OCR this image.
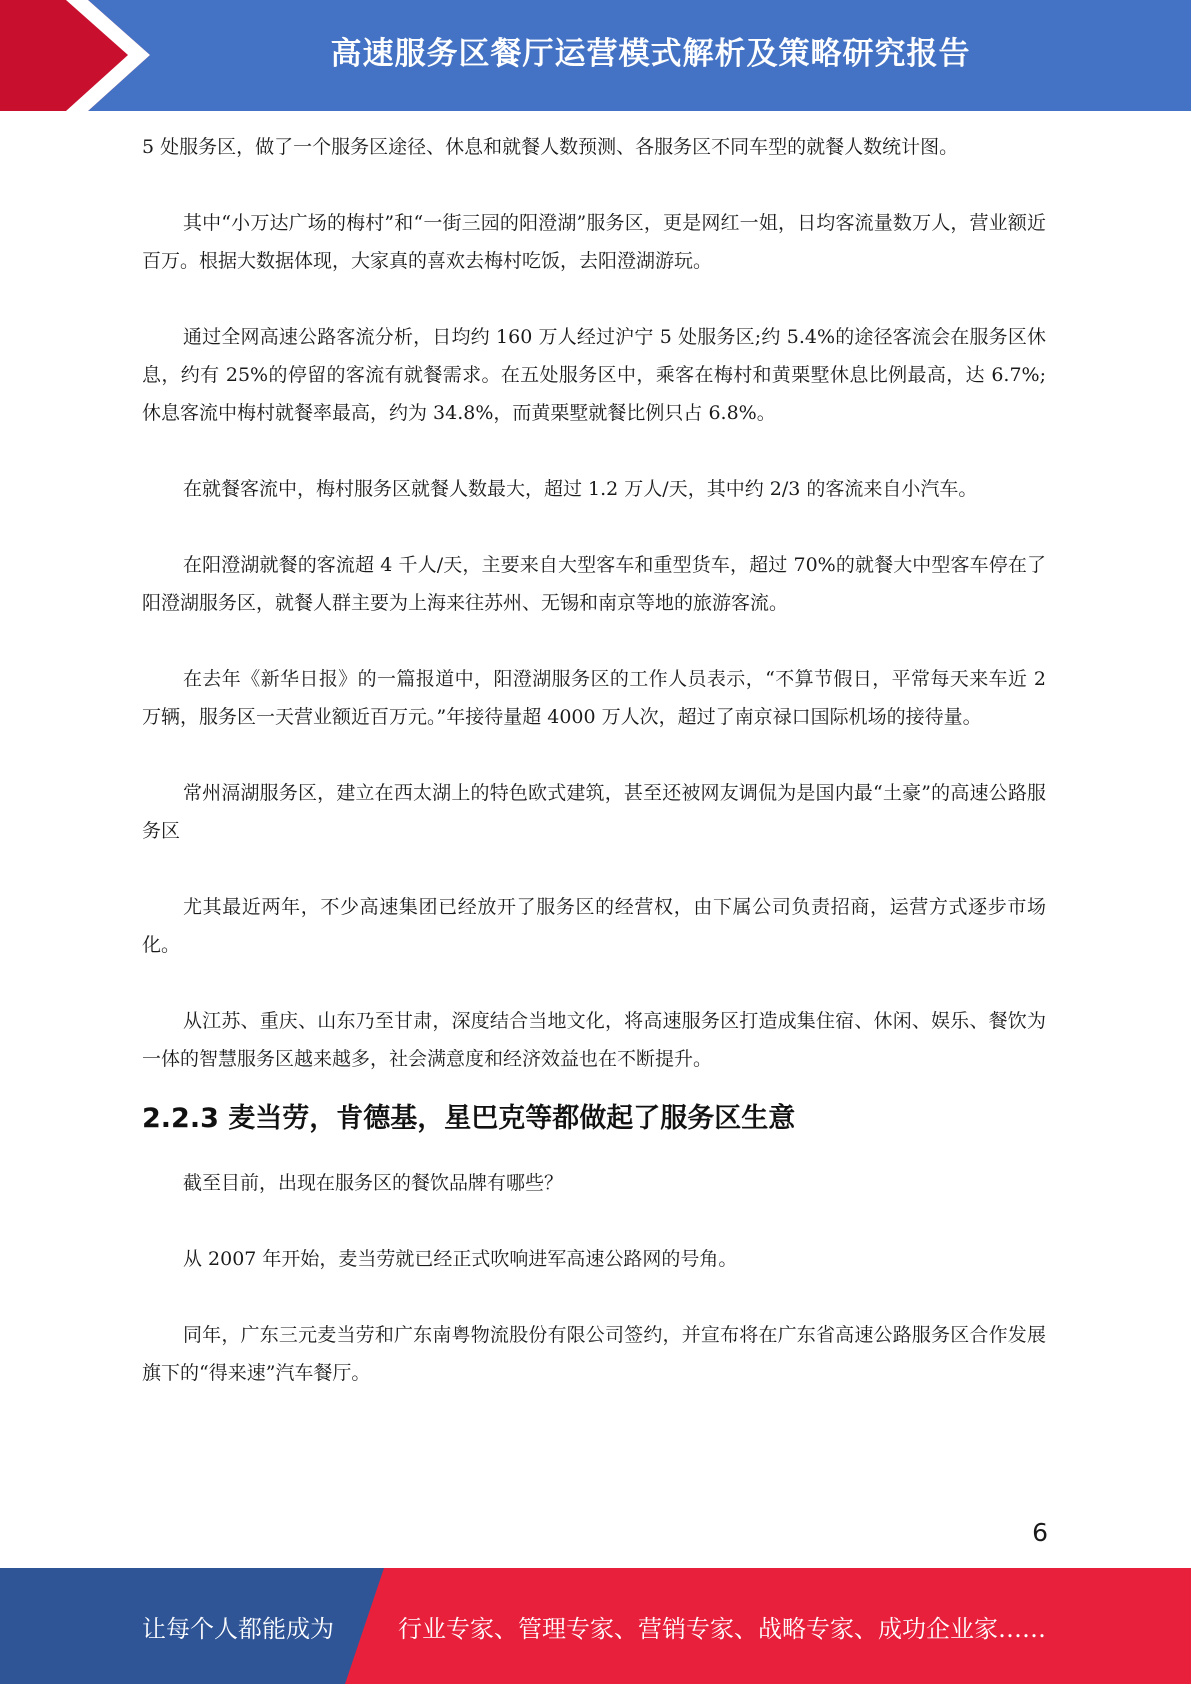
高速服务区餐厅运营模式解析及策略研究报告

5 处服务区，做了一个服务区途径、休息和就餐人数预测、各服务区不同车型的就餐人数统计图。

其中“小万达广场的梅村”和“一街三园的阳澄湖”服务区，更是网红一姐，日均客流量数万人，营业额近百万。根据大数据体现，大家真的喜欢去梅村吃饭，去阳澄湖游玩。

通过全网高速公路客流分析，日均约 160 万人经过沪宁 5 处服务区;约 5.4%的途径客流会在服务区休息，约有 25%的停留的客流有就餐需求。在五处服务区中，乘客在梅村和黄栗墅休息比例最高，达 6.7%;休息客流中梅村就餐率最高，约为 34.8%，而黄栗墅就餐比例只占 6.8%。

在就餐客流中，梅村服务区就餐人数最大，超过 1.2 万人/天，其中约 2/3 的客流来自小汽车。

在阳澄湖就餐的客流超 4 千人/天，主要来自大型客车和重型货车，超过 70%的就餐大中型客车停在了阳澄湖服务区，就餐人群主要为上海来往苏州、无锡和南京等地的旅游客流。

在去年《新华日报》的一篇报道中，阳澄湖服务区的工作人员表示，“不算节假日，平常每天来车近 2 万辆，服务区一天营业额近百万元。”年接待量超 4000 万人次，超过了南京禄口国际机场的接待量。

常州滆湖服务区，建立在西太湖上的特色欧式建筑，甚至还被网友调侃为是国内最“土豪”的高速公路服务区

尤其最近两年，不少高速集团已经放开了服务区的经营权，由下属公司负责招商，运营方式逐步市场化。

从江苏、重庆、山东乃至甘肃，深度结合当地文化，将高速服务区打造成集住宿、休闲、娱乐、餐饮为一体的智慧服务区越来越多，社会满意度和经济效益也在不断提升。

2.2.3 麦当劳，肯德基，星巴克等都做起了服务区生意

截至目前，出现在服务区的餐饮品牌有哪些？

从 2007 年开始，麦当劳就已经正式吹响进军高速公路网的号角。

同年，广东三元麦当劳和广东南粤物流股份有限公司签约，并宣布将在广东省高速公路服务区合作发展旗下的“得来速”汽车餐厅。

6
让每个人都能成为	行业专家、管理专家、营销专家、战略专家、成功企业家……
